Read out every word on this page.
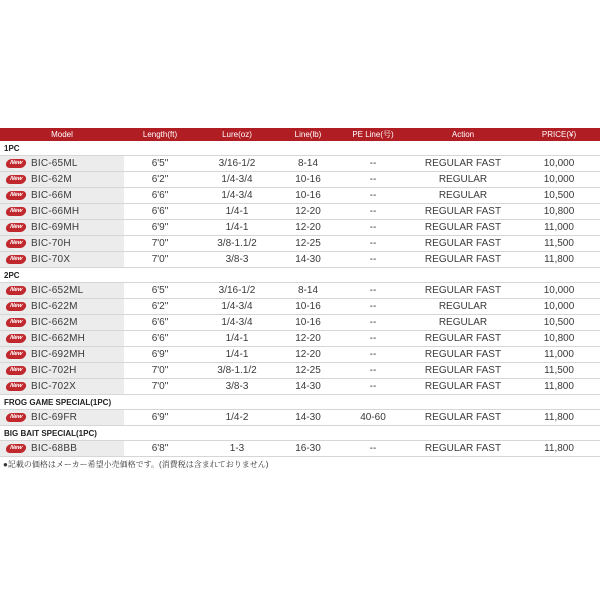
Model	Length(ft)	Lure(oz)	Line(lb)	PE Line(号)	Action	PRICE(¥)
1PC						
New BIC-65ML	6'5"	3/16-1/2	8-14	--	REGULAR FAST	10,000
New BIC-62M	6'2"	1/4-3/4	10-16	--	REGULAR	10,000
New BIC-66M	6'6"	1/4-3/4	10-16	--	REGULAR	10,500
New BIC-66MH	6'6"	1/4-1	12-20	--	REGULAR FAST	10,800
New BIC-69MH	6'9"	1/4-1	12-20	--	REGULAR FAST	11,000
New BIC-70H	7'0"	3/8-1.1/2	12-25	--	REGULAR FAST	11,500
New BIC-70X	7'0"	3/8-3	14-30	--	REGULAR FAST	11,800
2PC						
New BIC-652ML	6'5"	3/16-1/2	8-14	--	REGULAR FAST	10,000
New BIC-622M	6'2"	1/4-3/4	10-16	--	REGULAR	10,000
New BIC-662M	6'6"	1/4-3/4	10-16	--	REGULAR	10,500
New BIC-662MH	6'6"	1/4-1	12-20	--	REGULAR FAST	10,800
New BIC-692MH	6'9"	1/4-1	12-20	--	REGULAR FAST	11,000
New BIC-702H	7'0"	3/8-1.1/2	12-25	--	REGULAR FAST	11,500
New BIC-702X	7'0"	3/8-3	14-30	--	REGULAR FAST	11,800
FROG GAME SPECIAL(1PC)						
New BIC-69FR	6'9"	1/4-2	14-30	40-60	REGULAR FAST	11,800
BIG BAIT SPECIAL(1PC)						
New BIC-68BB	6'8"	1-3	16-30	--	REGULAR FAST	11,800
●記載の価格はメーカー希望小売価格です。(消費税は含まれておりません)
